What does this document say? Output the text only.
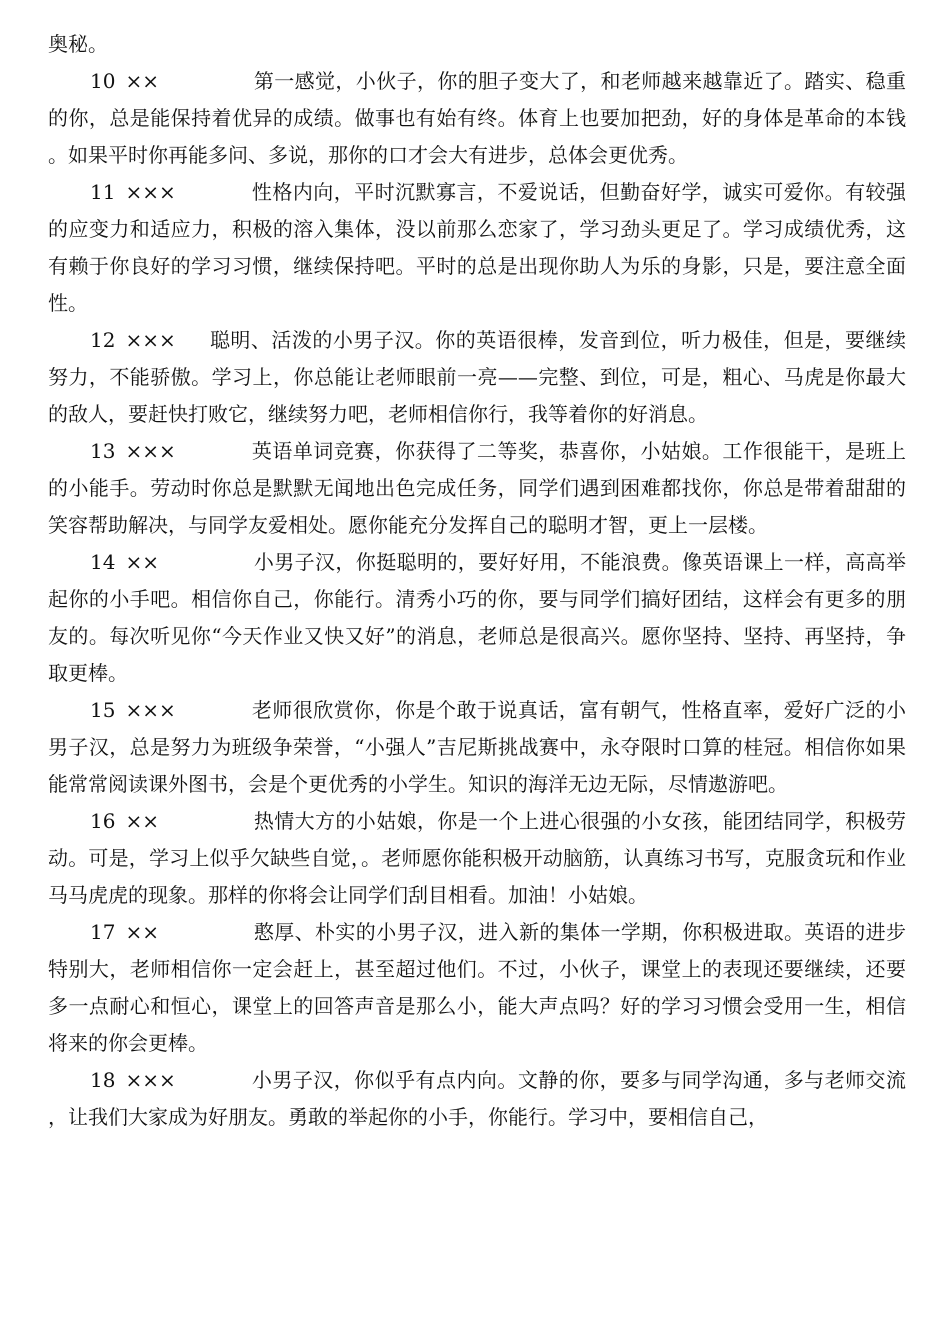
奥秘。

10 ××	第一感觉，小伙子，你的胆子变大了，和老师越来越靠近了。踏实、稳重的你，总是能保持着优异的成绩。做事也有始有终。体育上也要加把劲，好的身体是革命的本钱。如果平时你再能多问、多说，那你的口才会大有进步，总体会更优秀。

11 ×××	性格内向，平时沉默寡言，不爱说话，但勤奋好学，诚实可爱你。有较强的应变力和适应力，积极的溶入集体，没以前那么恋家了，学习劲头更足了。学习成绩优秀，这有赖于你良好的学习习惯，继续保持吧。平时的总是出现你助人为乐的身影，只是，要注意全面性。

12 ××× 聪明、活泼的小男子汉。你的英语很棒，发音到位，听力极佳，但是，要继续努力，不能骄傲。学习上，你总能让老师眼前一亮——完整、到位，可是，粗心、马虎是你最大的敌人，要赶快打败它，继续努力吧，老师相信你行，我等着你的好消息。

13 ×××	英语单词竞赛，你获得了二等奖，恭喜你，小姑娘。工作很能干，是班上的小能手。劳动时你总是默默无闻地出色完成任务，同学们遇到困难都找你，你总是带着甜甜的笑容帮助解决，与同学友爱相处。愿你能充分发挥自己的聪明才智，更上一层楼。

14 ××	小男子汉，你挺聪明的，要好好用，不能浪费。像英语课上一样，高高举起你的小手吧。相信你自己，你能行。清秀小巧的你，要与同学们搞好团结，这样会有更多的朋友的。每次听见你“今天作业又快又好”的消息，老师总是很高兴。愿你坚持、坚持、再坚持，争取更棒。

15 ×××	老师很欣赏你，你是个敢于说真话，富有朝气，性格直率，爱好广泛的小男子汉，总是努力为班级争荣誉，“小强人”吉尼斯挑战赛中，永夺限时口算的桂冠。相信你如果能常常阅读课外图书，会是个更优秀的小学生。知识的海洋无边无际，尽情遨游吧。

16 ××	热情大方的小姑娘，你是一个上进心很强的小女孩，能团结同学，积极劳动。可是，学习上似乎欠缺些自觉，。老师愿你能积极开动脑筋，认真练习书写，克服贪玩和作业马马虎虎的现象。那样的你将会让同学们刮目相看。加油！小姑娘。

17 ××	憨厚、朴实的小男子汉，进入新的集体一学期，你积极进取。英语的进步特别大，老师相信你一定会赶上，甚至超过他们。不过，小伙子，课堂上的表现还要继续，还要多一点耐心和恒心，课堂上的回答声音是那么小，能大声点吗？好的学习习惯会受用一生，相信将来的你会更棒。

18 ×××	小男子汉，你似乎有点内向。文静的你，要多与同学沟通，多与老师交流，让我们大家成为好朋友。勇敢的举起你的小手，你能行。学习中，要相信自己，
